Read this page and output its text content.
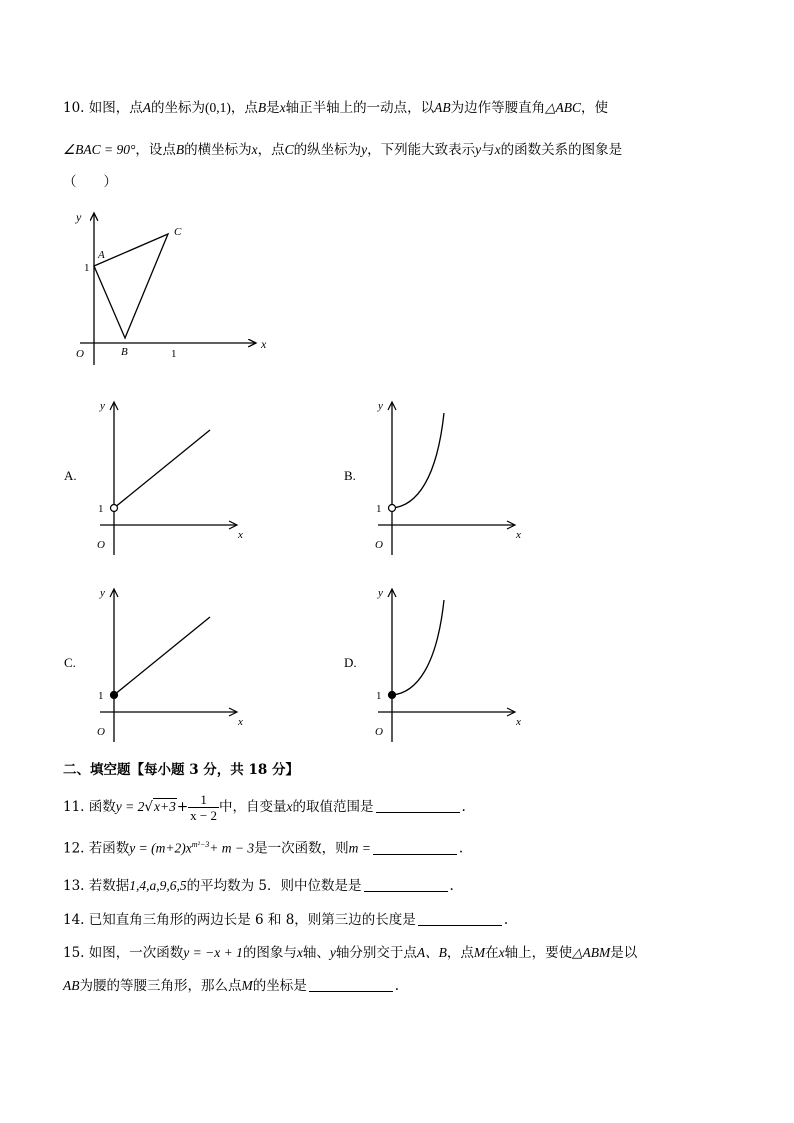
10. 如图，点A的坐标为(0,1)，点B是x轴正半轴上的一动点，以AB为边作等腰直角△ABC，使
∠BAC = 90°，设点B的横坐标为x，点C的纵坐标为y，下列能大致表示y与x的函数关系的图象是
（　　）
y
x
A
C
B
O
1
1
A.	B.
C.	D.
y
x
O
1
y
x
O
1
y
x
O
1
y
x
O
1
二、填空题【每小题 3 分，共 18 分】
11. 函数$y = 2√x+3+ \frac{1}{x - 2}$ 中，自变量x的取值范围是	.
12. 若函数$y = (m+2)x^{m^2-3}+ m - 3$是一次函数，则m =	.
13. 若数据1,4,a,9,6,5的平均数为 5．则中位数是是	.
14. 已知直角三角形的两边长是 6 和 8，则第三边的长度是	.
15. 如图，一次函数y = −x + 1的图象与x轴、y轴分别交于点A、B，点M在x轴上，要使△ABM是以
AB为腰的等腰三角形，那么点M的坐标是	.
